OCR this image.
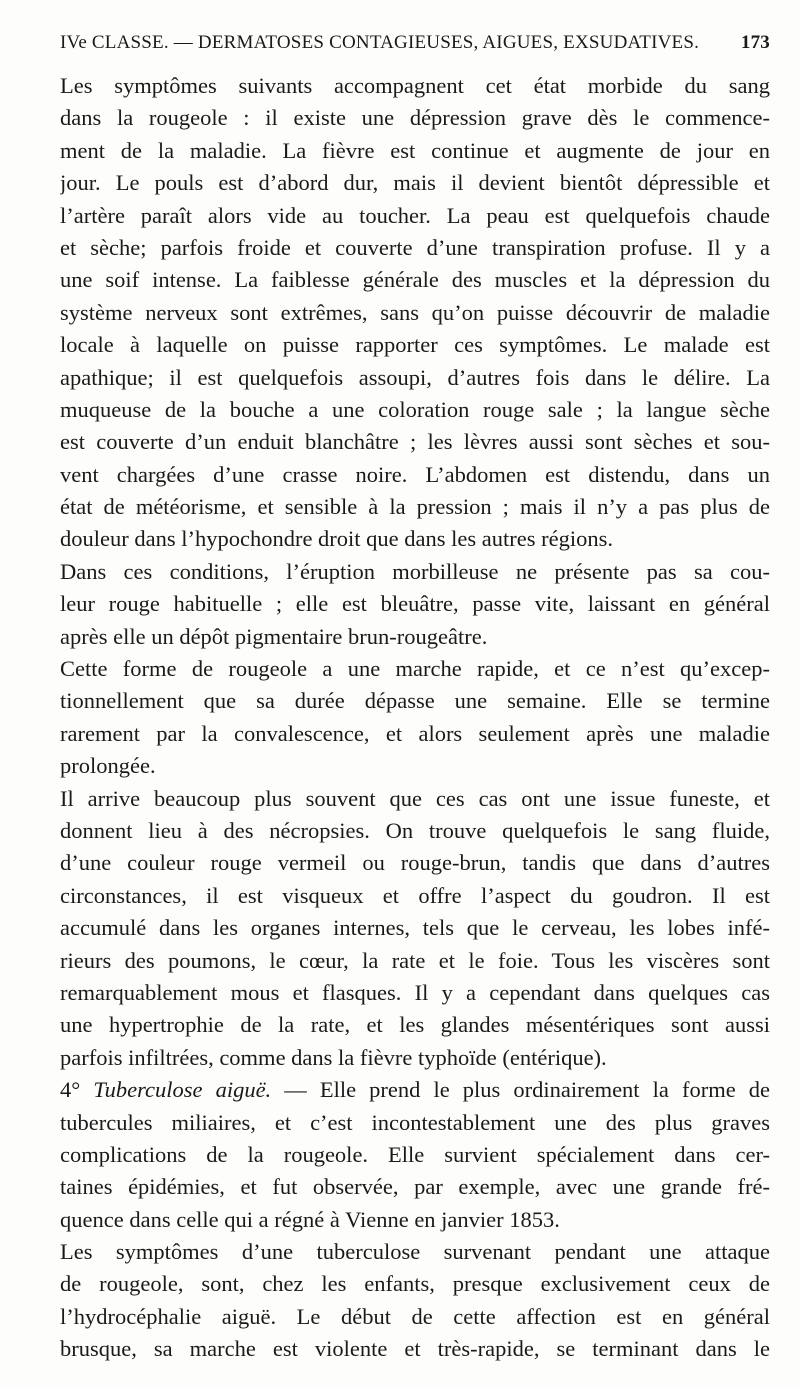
IVe CLASSE. — DERMATOSES CONTAGIEUSES, AIGUES, EXSUDATIVES. 173
Les symptômes suivants accompagnent cet état morbide du sang
dans la rougeole : il existe une dépression grave dès le commence-
ment de la maladie. La fièvre est continue et augmente de jour en
jour. Le pouls est d’abord dur, mais il devient bientôt dépressible et
l’artère paraît alors vide au toucher. La peau est quelquefois chaude
et sèche; parfois froide et couverte d’une transpiration profuse. Il y a
une soif intense. La faiblesse générale des muscles et la dépression du
système nerveux sont extrêmes, sans qu’on puisse découvrir de maladie
locale à laquelle on puisse rapporter ces symptômes. Le malade est
apathique; il est quelquefois assoupi, d’autres fois dans le délire. La
muqueuse de la bouche a une coloration rouge sale ; la langue sèche
est couverte d’un enduit blanchâtre ; les lèvres aussi sont sèches et sou-
vent chargées d’une crasse noire. L’abdomen est distendu, dans un
état de météorisme, et sensible à la pression ; mais il n’y a pas plus de
douleur dans l’hypochondre droit que dans les autres régions.
Dans ces conditions, l’éruption morbilleuse ne présente pas sa cou-
leur rouge habituelle ; elle est bleuâtre, passe vite, laissant en général
après elle un dépôt pigmentaire brun-rougeâtre.
Cette forme de rougeole a une marche rapide, et ce n’est qu’excep-
tionnellement que sa durée dépasse une semaine. Elle se termine
rarement par la convalescence, et alors seulement après une maladie
prolongée.
Il arrive beaucoup plus souvent que ces cas ont une issue funeste, et
donnent lieu à des nécropsies. On trouve quelquefois le sang fluide,
d’une couleur rouge vermeil ou rouge-brun, tandis que dans d’autres
circonstances, il est visqueux et offre l’aspect du goudron. Il est
accumulé dans les organes internes, tels que le cerveau, les lobes infé-
rieurs des poumons, le cœur, la rate et le foie. Tous les viscères sont
remarquablement mous et flasques. Il y a cependant dans quelques cas
une hypertrophie de la rate, et les glandes mésentériques sont aussi
parfois infiltrées, comme dans la fièvre typhoïde (entérique).
4° Tuberculose aiguë. — Elle prend le plus ordinairement la forme de
tubercules miliaires, et c’est incontestablement une des plus graves
complications de la rougeole. Elle survient spécialement dans cer-
taines épidémies, et fut observée, par exemple, avec une grande fré-
quence dans celle qui a régné à Vienne en janvier 1853.
Les symptômes d’une tuberculose survenant pendant une attaque
de rougeole, sont, chez les enfants, presque exclusivement ceux de
l’hydrocéphalie aiguë. Le début de cette affection est en général
brusque, sa marche est violente et très-rapide, se terminant dans le
